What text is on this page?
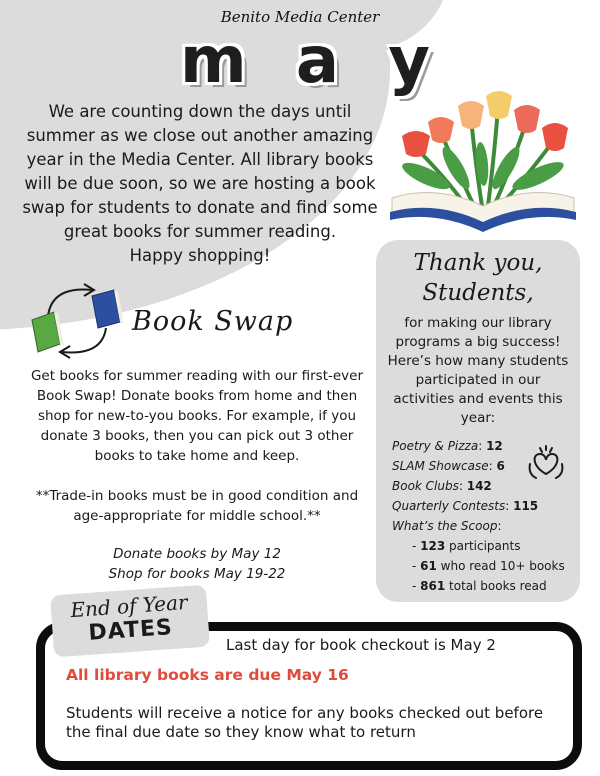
Benito Media Center
m a y
We are counting down the days until summer as we close out another amazing year in the Media Center. All library books will be due soon, so we are hosting a book swap for students to donate and find some great books for summer reading.
Happy shopping!
Book Swap
Get books for summer reading with our first-ever Book Swap! Donate books from home and then shop for new-to-you books. For example, if you donate 3 books, then you can pick out 3 other books to take home and keep.
**Trade-in books must be in good condition and age-appropriate for middle school.**
Donate books by May 12
Shop for books May 19-22
Thank you,
Students,
for making our library programs a big success! Here’s how many students participated in our activities and events this year:
Poetry & Pizza: 12
SLAM Showcase: 6
Book Clubs: 142
Quarterly Contests: 115
What’s the Scoop:
- 123 participants
- 61 who read 10+ books
- 861 total books read
End of Year
DATES	Last day for book checkout is May 2
All library books are due May 16
Students will receive a notice for any books checked out before the final due date so they know what to return
